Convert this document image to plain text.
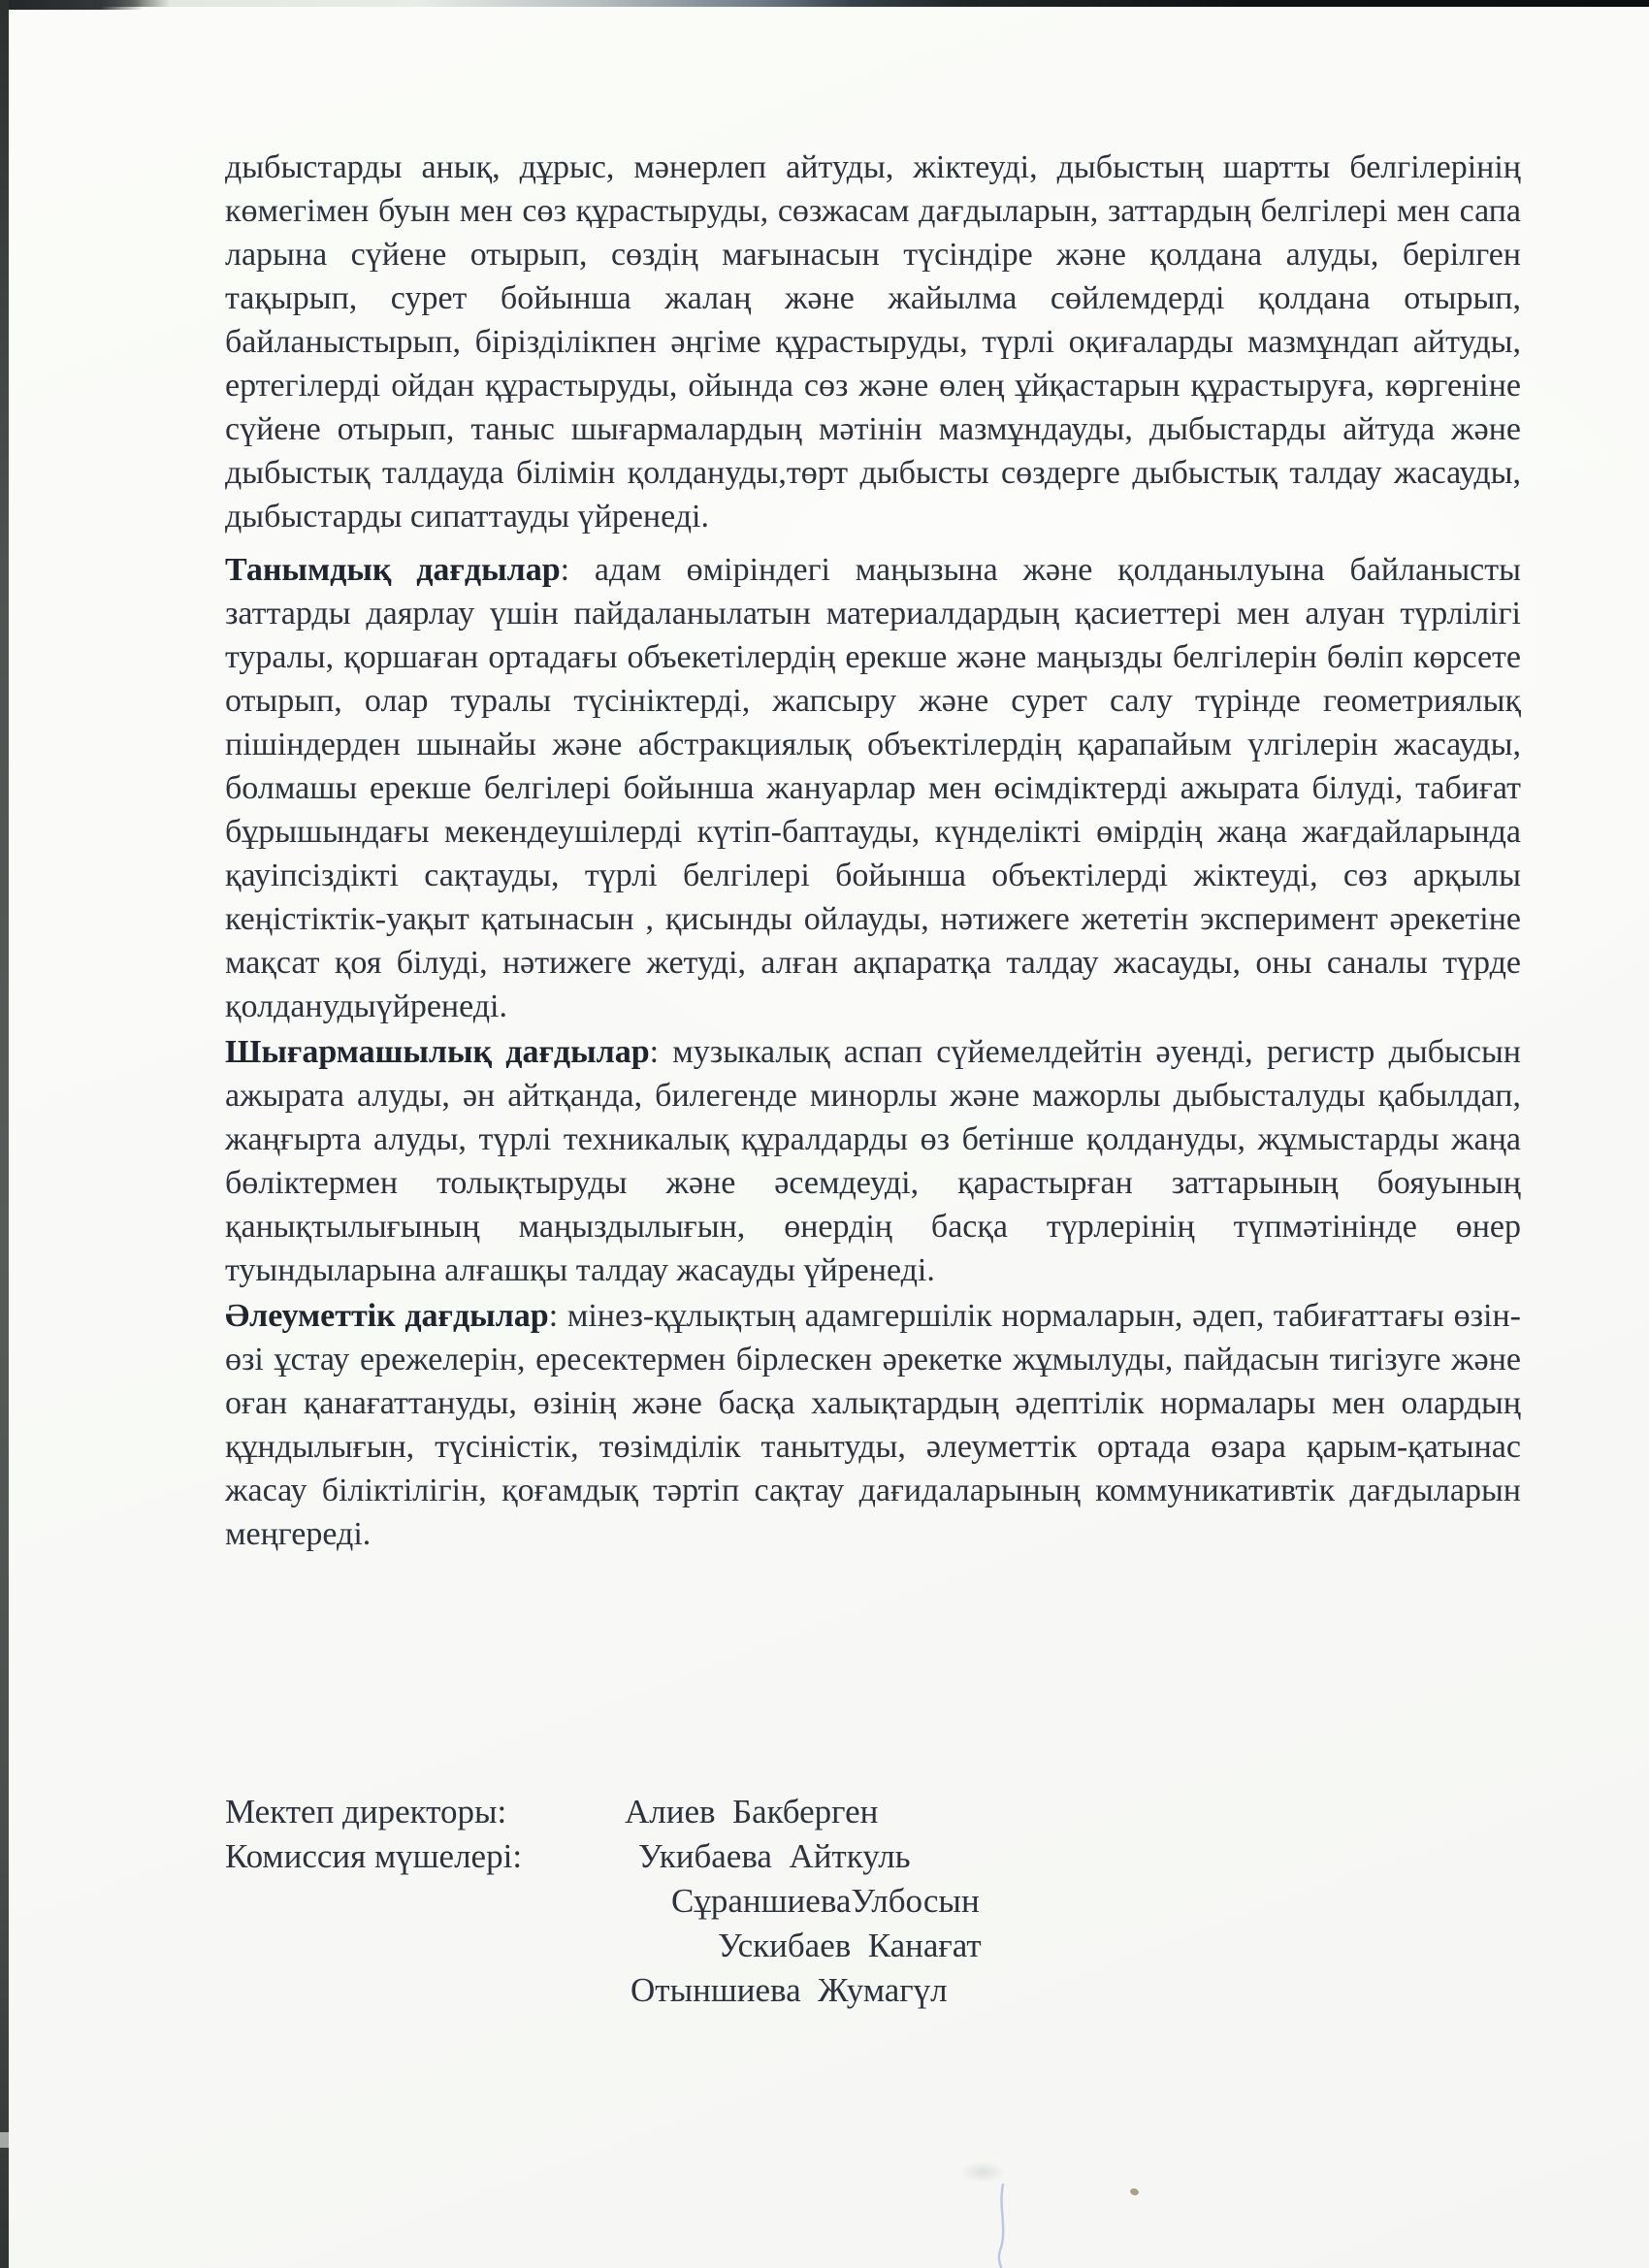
дыбыстарды анық, дұрыс, мәнерлеп айтуды, жіктеуді, дыбыстың шартты белгілерінің көмегімен буын мен сөз құрастыруды, сөзжасам дағдыларын, заттардың белгілері мен сапа ларына сүйене отырып, сөздің мағынасын түсіндіре және қолдана алуды, берілген тақырып, сурет бойынша жалаң және жайылма сөйлемдерді қолдана отырып, байланыстырып, бірізділікпен әңгіме құрастыруды, түрлі оқиғаларды мазмұндап айтуды, ертегілерді ойдан құрастыруды, ойында сөз және өлең ұйқастарын құрастыруға, көргеніне сүйене отырып, таныс шығармалардың мәтінін мазмұндауды, дыбыстарды айтуда және дыбыстық талдауда білімін қолдануды,төрт дыбысты сөздерге дыбыстық талдау жасауды, дыбыстарды сипаттауды үйренеді.

Танымдық дағдылар: адам өміріндегі маңызына және қолданылуына байланысты заттарды даярлау үшін пайдаланылатын материалдардың қасиеттері мен алуан түрлілігі туралы, қоршаған ортадағы объекетілердің ерекше және маңызды белгілерін бөліп көрсете отырып, олар туралы түсініктерді, жапсыру және сурет салу түрінде геометриялық пішіндерден шынайы және абстракциялық объектілердің қарапайым үлгілерін жасауды, болмашы ерекше белгілері бойынша жануарлар мен өсімдіктерді ажырата білуді, табиғат бұрышындағы мекендеушілерді күтіп-баптауды, күнделікті өмірдің жаңа жағдайларында қауіпсіздікті сақтауды, түрлі белгілері бойынша объектілерді жіктеуді, сөз арқылы кеңістіктік-уақыт қатынасын , қисынды ойлауды, нәтижеге жететін эксперимент әрекетіне мақсат қоя білуді, нәтижеге жетуді, алған ақпаратқа талдау жасауды, оны саналы түрде қолданудыүйренеді.

Шығармашылық дағдылар: музыкалық аспап сүйемелдейтін әуенді, регистр дыбысын ажырата алуды, ән айтқанда, билегенде минорлы және мажорлы дыбысталуды қабылдап, жаңғырта алуды, түрлі техникалық құралдарды өз бетінше қолдануды, жұмыстарды жаңа бөліктермен толықтыруды және әсемдеуді, қарастырған заттарының бояуының қанықтылығының маңыздылығын, өнердің басқа түрлерінің түпмәтінінде өнер туындыларына алғашқы талдау жасауды үйренеді.

Әлеуметтік дағдылар: мінез-құлықтың адамгершілік нормаларын, әдеп, табиғаттағы өзін-өзі ұстау ережелерін, ересектермен бірлескен әрекетке жұмылуды, пайдасын тигізуге және оған қанағаттануды, өзінің және басқа халықтардың әдептілік нормалары мен олардың құндылығын, түсіністік, төзімділік танытуды, әлеуметтік ортада өзара қарым-қатынас жасау біліктілігін, қоғамдық тәртіп сақтау дағидаларының коммуникативтік дағдыларын меңгереді.

Мектеп директоры:	Алиев  Бакберген
Комиссия мүшелері:	Укибаева  Айткуль
СұраншиеваУлбосын
Ускибаев  Канағат
Отыншиева  Жумагүл
